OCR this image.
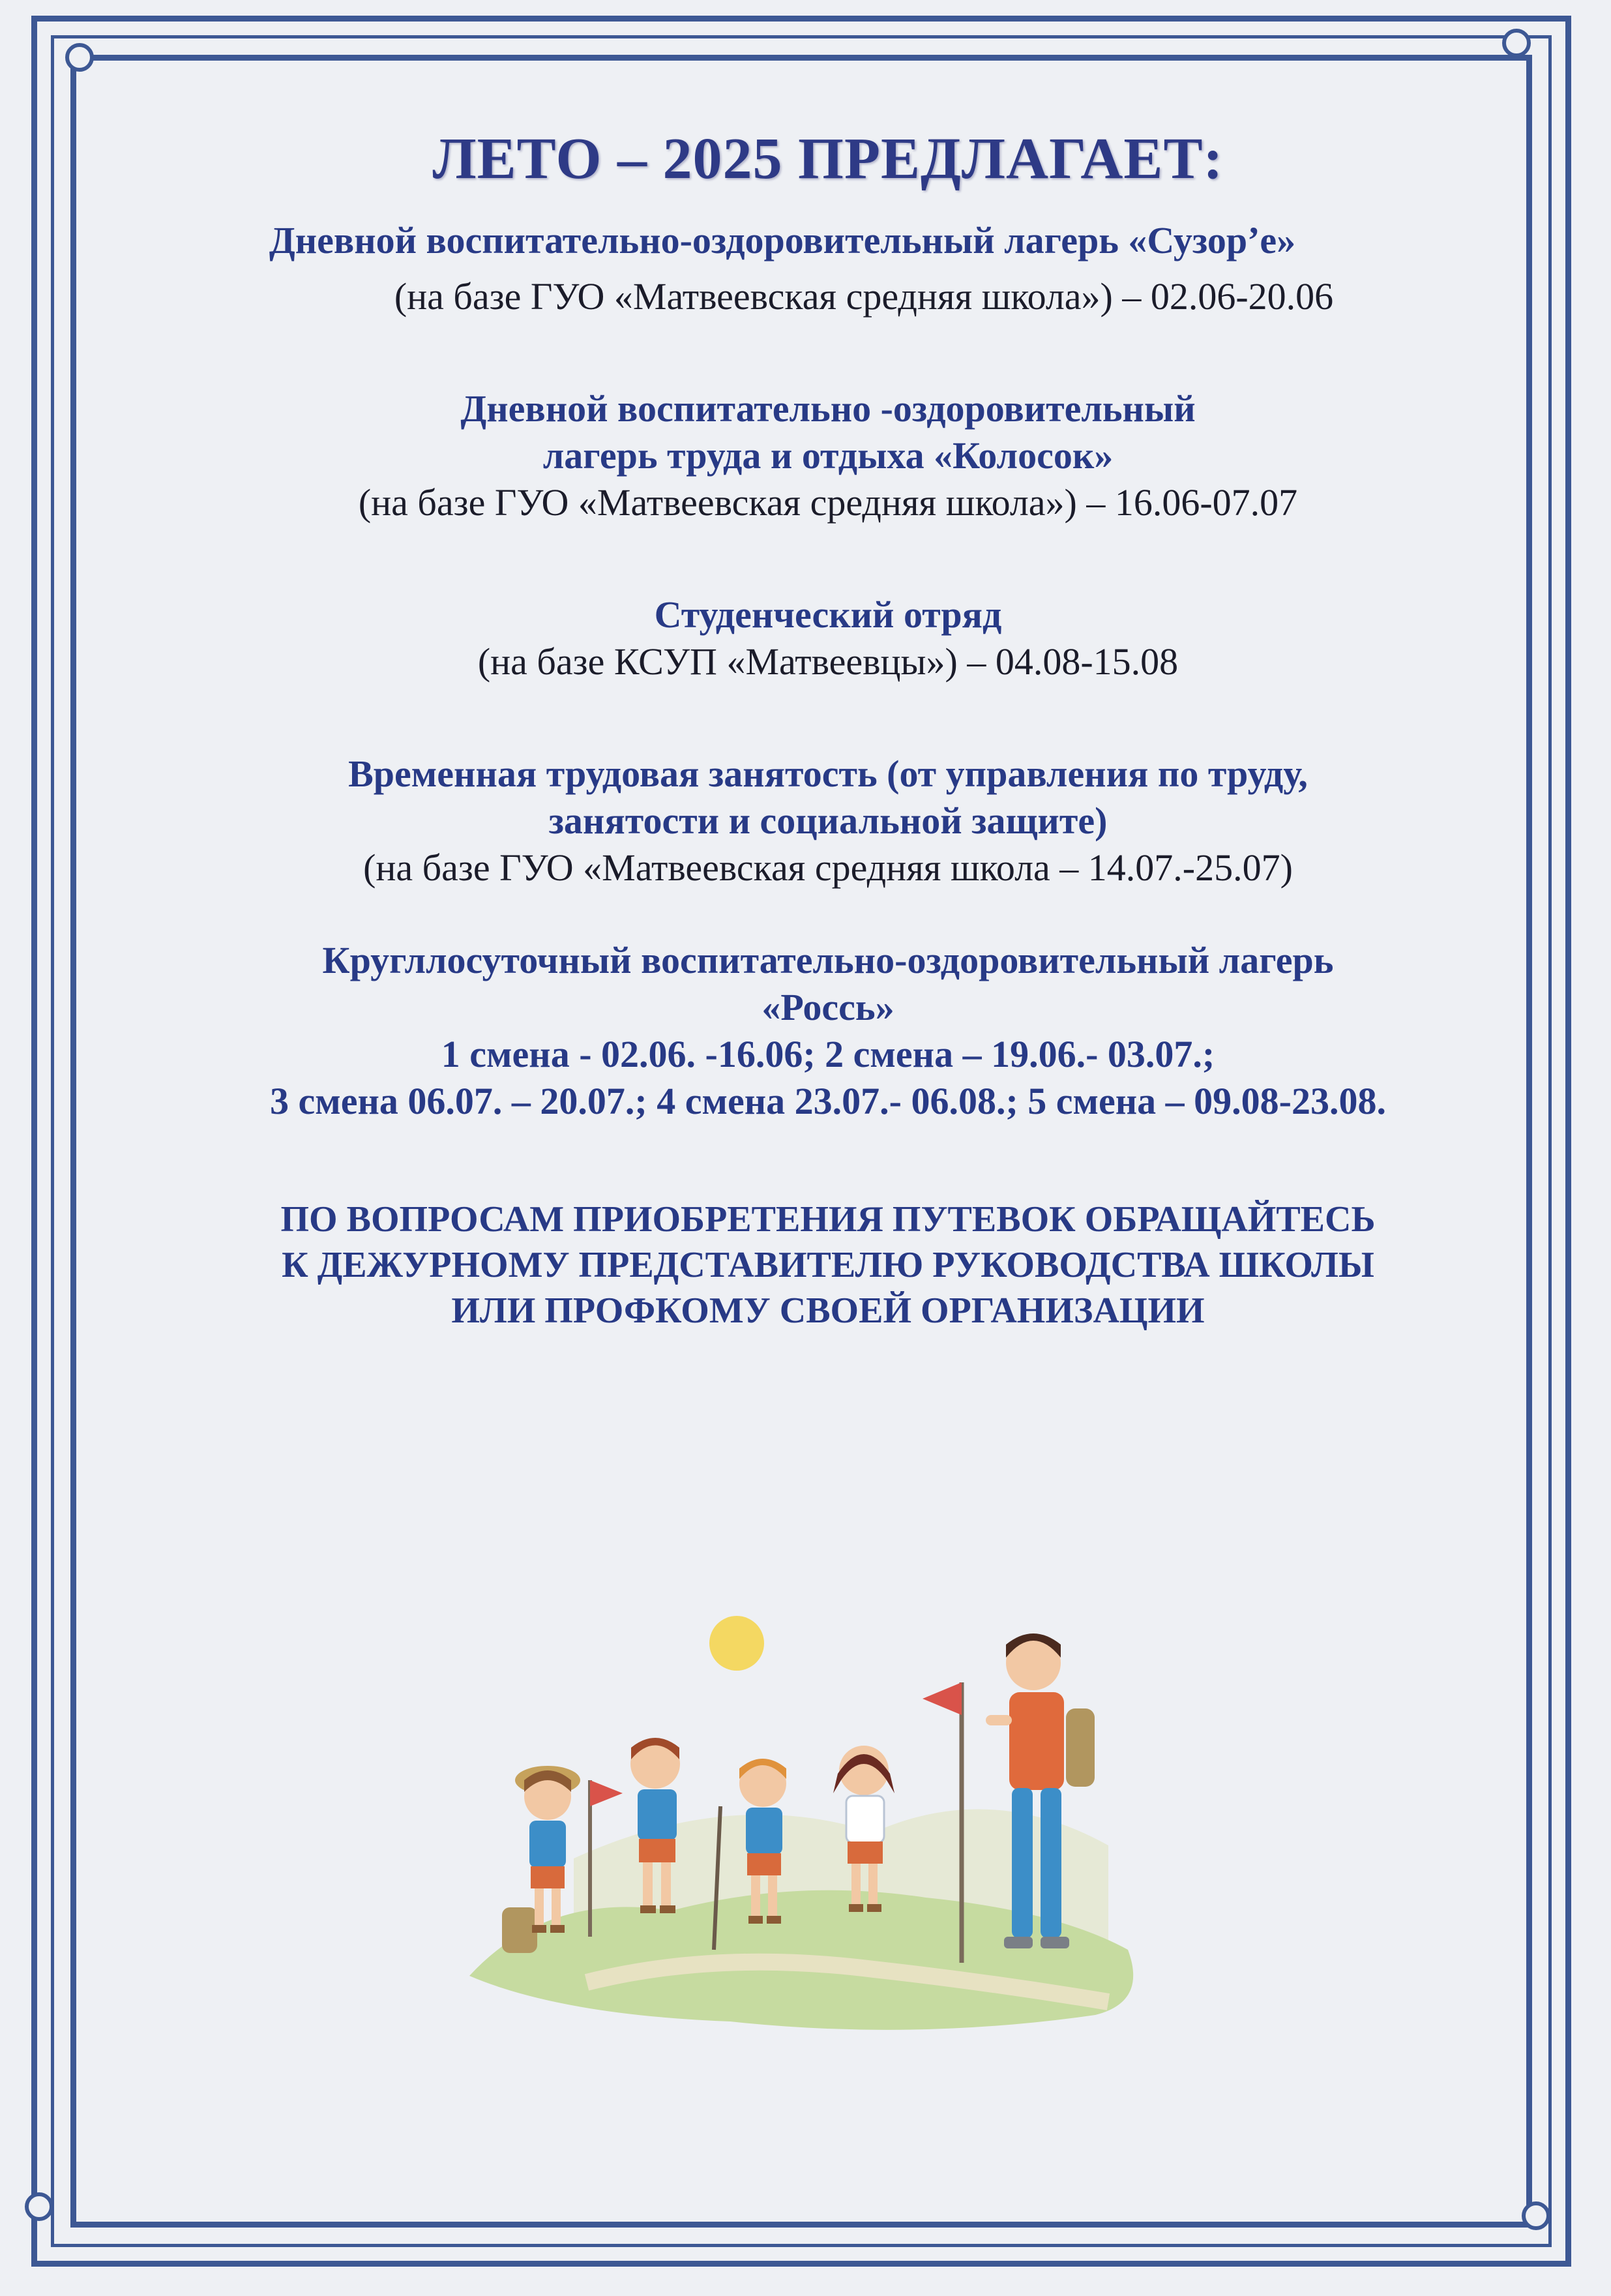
ЛЕТО – 2025 ПРЕДЛАГАЕТ:
Дневной воспитательно-оздоровительный лагерь «Сузор’е»
(на базе ГУО «Матвеевская средняя школа») – 02.06-20.06
Дневной воспитательно -оздоровительный
лагерь труда и отдыха «Колосок»
(на базе ГУО «Матвеевская средняя школа») – 16.06-07.07
Студенческий отряд
(на базе КСУП «Матвеевцы») – 04.08-15.08
Временная трудовая занятость (от управления по труду,
занятости и социальной защите)
(на базе ГУО «Матвеевская средняя школа – 14.07.-25.07)
Кругллосуточный воспитательно-оздоровительный лагерь
«Россь»
1 смена - 02.06. -16.06; 2 смена – 19.06.- 03.07.;
3 смена 06.07. – 20.07.; 4 смена 23.07.- 06.08.; 5 смена – 09.08-23.08.
ПО ВОПРОСАМ ПРИОБРЕТЕНИЯ ПУТЕВОК ОБРАЩАЙТЕСЬ
К ДЕЖУРНОМУ ПРЕДСТАВИТЕЛЮ РУКОВОДСТВА ШКОЛЫ
ИЛИ ПРОФКОМУ СВОЕЙ ОРГАНИЗАЦИИ
